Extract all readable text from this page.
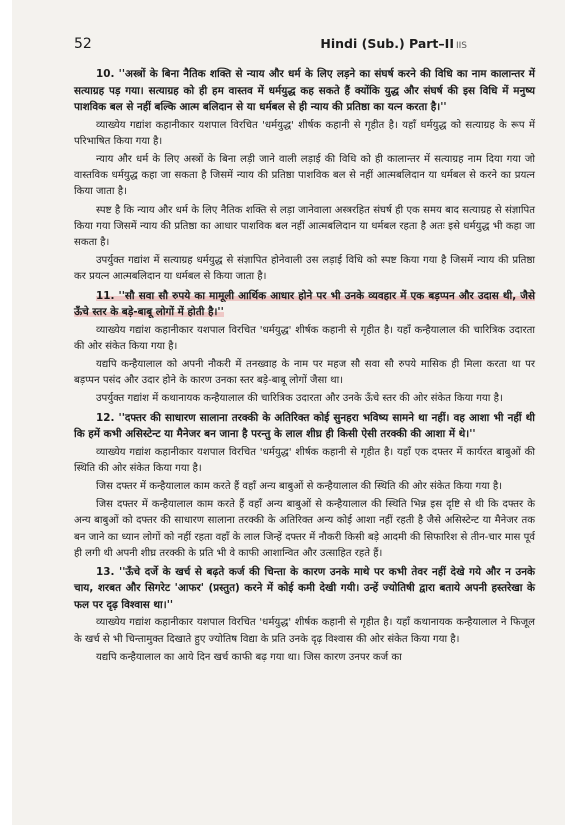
52	Hindi (Sub.) Part–II IIS

10. ''अस्त्रों के बिना नैतिक शक्ति से न्याय और धर्म के लिए लड़ने का संघर्ष करने की विधि का नाम कालान्तर में सत्याग्रह पड़ गया। सत्याग्रह को ही हम वास्तव में धर्मयुद्ध कह सकते हैं क्योंकि युद्ध और संघर्ष की इस विधि में मनुष्य पाशविक बल से नहीं बल्कि आत्म बलिदान से या धर्मबल से ही न्याय की प्रतिष्ठा का यत्न करता है।''

व्याख्येय गद्यांश कहानीकार यशपाल विरचित 'धर्मयुद्ध' शीर्षक कहानी से गृहीत है। यहाँ धर्मयुद्ध को सत्याग्रह के रूप में परिभाषित किया गया है।

न्याय और धर्म के लिए अस्त्रों के बिना लड़ी जाने वाली लड़ाई की विधि को ही कालान्तर में सत्याग्रह नाम दिया गया जो वास्तविक धर्मयुद्ध कहा जा सकता है जिसमें न्याय की प्रतिष्ठा पाशविक बल से नहीं आत्मबलिदान या धर्मबल से करने का प्रयत्न किया जाता है।

स्पष्ट है कि न्याय और धर्म के लिए नैतिक शक्ति से लड़ा जानेवाला अस्त्ररहित संघर्ष ही एक समय बाद सत्याग्रह से संज्ञापित किया गया जिसमें न्याय की प्रतिष्ठा का आधार पाशविक बल नहीं आत्मबलिदान या धर्मबल रहता है अतः इसे धर्मयुद्ध भी कहा जा सकता है।

उपर्युक्त गद्यांश में सत्याग्रह धर्मयुद्ध से संज्ञापित होनेवाली उस लड़ाई विधि को स्पष्ट किया गया है जिसमें न्याय की प्रतिष्ठा कर प्रयत्न आत्मबलिदान या धर्मबल से किया जाता है।

11. ''सौ सवा सौ रुपये का मामूली आर्थिक आधार होने पर भी उनके व्यवहार में एक बड़प्पन और उदास थी, जैसे ऊँचे स्तर के बड़े-बाबू लोगों में होती है।''

व्याख्येय गद्यांश कहानीकार यशपाल विरचित 'धर्मयुद्ध' शीर्षक कहानी से गृहीत है। यहाँ कन्हैयालाल की चारित्रिक उदारता की ओर संकेत किया गया है।

यद्यपि कन्हैयालाल को अपनी नौकरी में तनख्वाह के नाम पर महज सौ सवा सौ रुपये मासिक ही मिला करता था पर बड़प्पन पसंद और उदार होने के कारण उनका स्तर बड़े-बाबू लोगों जैसा था।

उपर्युक्त गद्यांश में कथानायक कन्हैयालाल की चारित्रिक उदारता और उनके ऊँचे स्तर की ओर संकेत किया गया है।

12. ''दफ्तर की साधारण सालाना तरक्की के अतिरिक्त कोई सुनहरा भविष्य सामने था नहीं। वह आशा भी नहीं थी कि हमें कभी असिस्टेन्ट या मैनेजर बन जाना है परन्तु के लाल शीघ्र ही किसी ऐसी तरक्की की आशा में थे।''

व्याख्येय गद्यांश कहानीकार यशपाल विरचित 'धर्मयुद्ध' शीर्षक कहानी से गृहीत है। यहाँ एक दफ्तर में कार्यरत बाबुओं की स्थिति की ओर संकेत किया गया है।

जिस दफ्तर में कन्हैयालाल काम करते हैं वहाँ अन्य बाबुओं से कन्हैयालाल की स्थिति की ओर संकेत किया गया है।

जिस दफ्तर में कन्हैयालाल काम करते हैं वहाँ अन्य बाबुओं से कन्हैयालाल की स्थिति भिन्न इस दृष्टि से थी कि दफ्तर के अन्य बाबुओं को दफ्तर की साधारण सालाना तरक्की के अतिरिक्त अन्य कोई आशा नहीं रहती है जैसे असिस्टेन्ट या मैनेजर तक बन जाने का ध्यान लोगों को नहीं रहता वहाँ के लाल जिन्हें दफ्तर में नौकरी किसी बड़े आदमी की सिफारिश से तीन-चार मास पूर्व ही लगी थी अपनी शीघ्र तरक्की के प्रति भी वे काफी आशान्वित और उत्साहित रहते हैं।

13. ''ऊँचे दर्जे के खर्च से बढ़ते कर्ज की चिन्ता के कारण उनके माथे पर कभी तेवर नहीं देखे गये और न उनके चाय, शरबत और सिगरेट 'आफर' (प्रस्तुत) करने में कोई कमी देखी गयी। उन्हें ज्योतिषी द्वारा बताये अपनी हस्तरेखा के फल पर दृढ़ विश्वास था।''

व्याख्येय गद्यांश कहानीकार यशपाल विरचित 'धर्मयुद्ध' शीर्षक कहानी से गृहीत है। यहाँ कथानायक कन्हैयालाल ने फिजूल के खर्च से भी चिन्तामुक्त दिखाते हुए ज्योतिष विद्या के प्रति उनके दृढ़ विश्वास की ओर संकेत किया गया है।

यद्यपि कन्हैयालाल का आये दिन खर्च काफी बढ़ गया था। जिस कारण उनपर कर्ज का
